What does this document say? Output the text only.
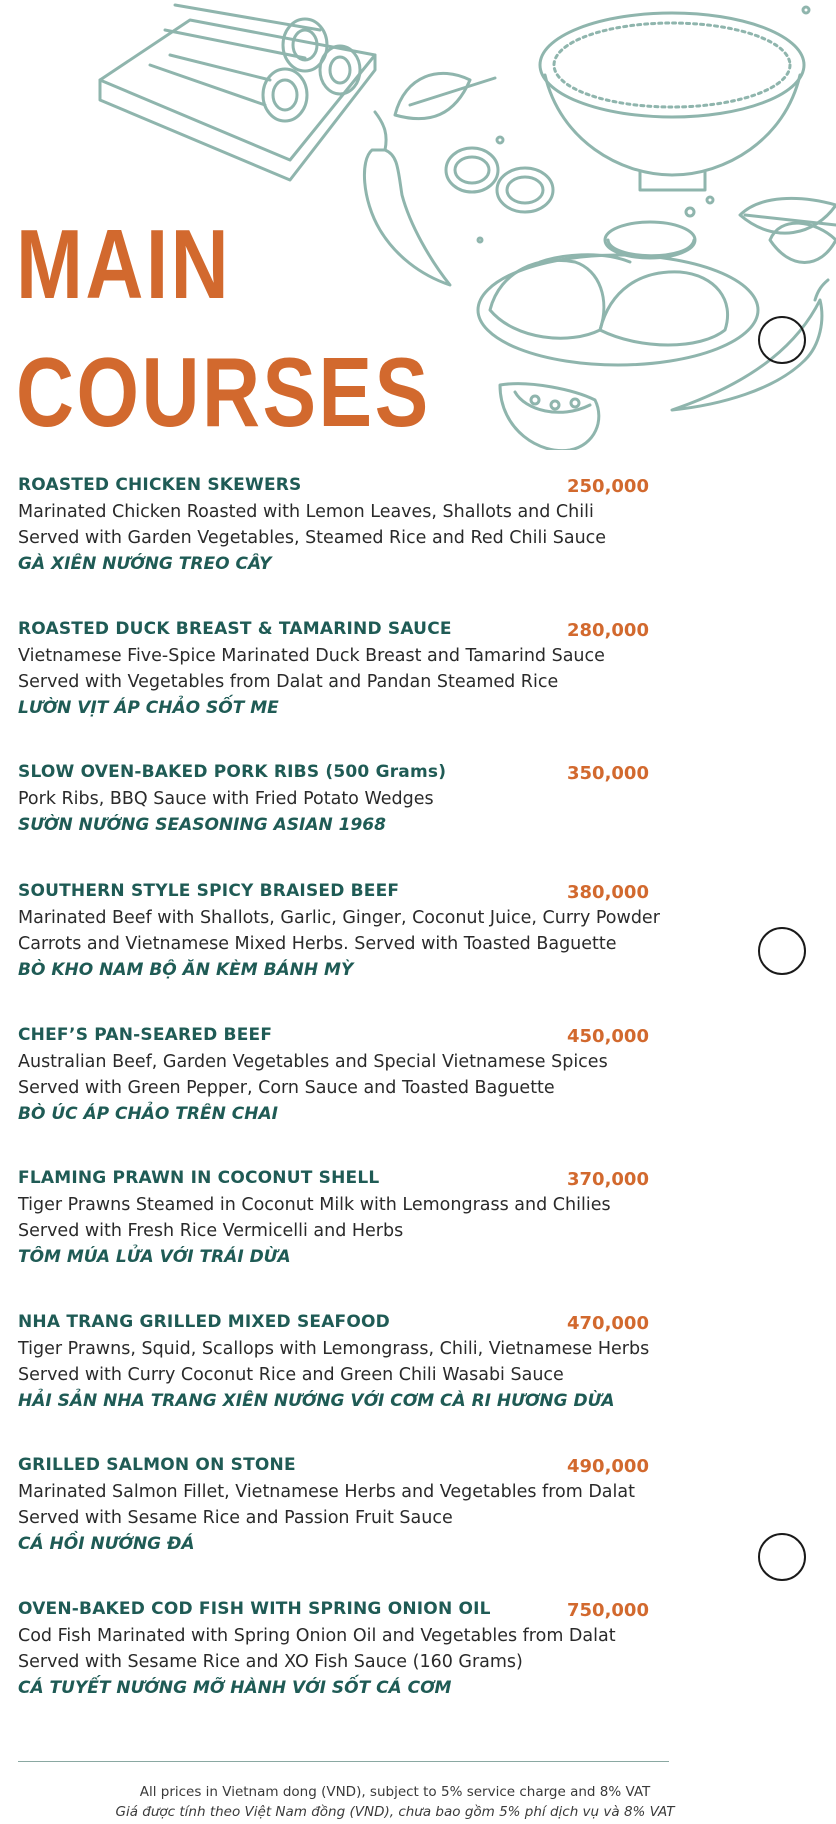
MAIN
COURSES
ROASTED CHICKEN SKEWERS	250,000
Marinated Chicken Roasted with Lemon Leaves, Shallots and Chili
Served with Garden Vegetables, Steamed Rice and Red Chili Sauce
GÀ XIÊN NƯỚNG TREO CÂY
ROASTED DUCK BREAST & TAMARIND SAUCE	280,000
Vietnamese Five-Spice Marinated Duck Breast and Tamarind Sauce
Served with Vegetables from Dalat and Pandan Steamed Rice
LƯỜN VỊT ÁP CHẢO SỐT ME
SLOW OVEN-BAKED PORK RIBS (500 Grams)	350,000
Pork Ribs, BBQ Sauce with Fried Potato Wedges
SƯỜN NƯỚNG SEASONING ASIAN 1968
SOUTHERN STYLE SPICY BRAISED BEEF	380,000
Marinated Beef with Shallots, Garlic, Ginger, Coconut Juice, Curry Powder
Carrots and Vietnamese Mixed Herbs. Served with Toasted Baguette
BÒ KHO NAM BỘ ĂN KÈM BÁNH MỲ
CHEF’S PAN-SEARED BEEF	450,000
Australian Beef, Garden Vegetables and Special Vietnamese Spices
Served with Green Pepper, Corn Sauce and Toasted Baguette
BÒ ÚC ÁP CHẢO TRÊN CHAI
FLAMING PRAWN IN COCONUT SHELL	370,000
Tiger Prawns Steamed in Coconut Milk with Lemongrass and Chilies
Served with Fresh Rice Vermicelli and Herbs
TÔM MÚA LỬA VỚI TRÁI DỪA
NHA TRANG GRILLED MIXED SEAFOOD	470,000
Tiger Prawns, Squid, Scallops with Lemongrass, Chili, Vietnamese Herbs
Served with Curry Coconut Rice and Green Chili Wasabi Sauce
HẢI SẢN NHA TRANG XIÊN NƯỚNG VỚI CƠM CÀ RI HƯƠNG DỪA
GRILLED SALMON ON STONE	490,000
Marinated Salmon Fillet, Vietnamese Herbs and Vegetables from Dalat
Served with Sesame Rice and Passion Fruit Sauce
CÁ HỒI NƯỚNG ĐÁ
OVEN-BAKED COD FISH WITH SPRING ONION OIL	750,000
Cod Fish Marinated with Spring Onion Oil and Vegetables from Dalat
Served with Sesame Rice and XO Fish Sauce (160 Grams)
CÁ TUYẾT NƯỚNG MỠ HÀNH VỚI SỐT CÁ CƠM
All prices in Vietnam dong (VND), subject to 5% service charge and 8% VAT
Giá được tính theo Việt Nam đồng (VND), chưa bao gồm 5% phí dịch vụ và 8% VAT
